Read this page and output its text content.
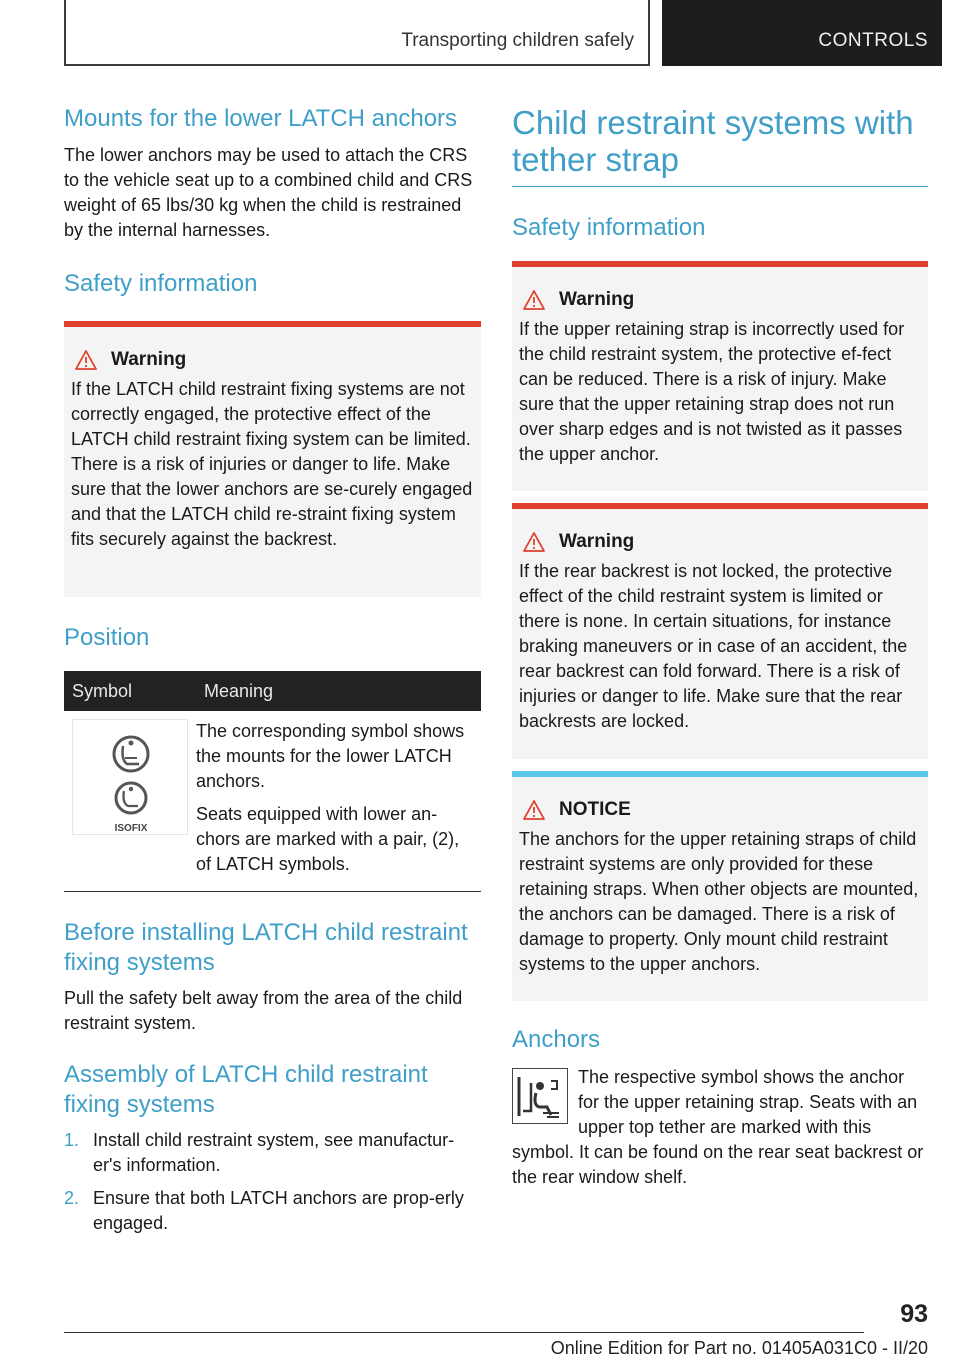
Transporting children safely	CONTROLS
Mounts for the lower LATCH anchors

The lower anchors may be used to attach the CRS to the vehicle seat up to a combined child and CRS weight of 65 lbs/30 kg when the child is restrained by the internal harnesses.

Safety information
Warning

If the LATCH child restraint fixing systems are not correctly engaged, the protective effect of the LATCH child restraint fixing system can be limited. There is a risk of injuries or danger to life. Make sure that the lower anchors are se‐curely engaged and that the LATCH child re‐straint fixing system fits securely against the backrest.

Position
Symbol	Meaning

ISOFIX	The corresponding symbol shows the mounts for the lower LATCH anchors.

Seats equipped with lower an‐chors are marked with a pair, (2), of LATCH symbols.

Before installing LATCH child restraint fixing systems

Pull the safety belt away from the area of the child restraint system.

Assembly of LATCH child restraint fixing systems
1. Install child restraint system, see manufactur‐er's information.
2. Ensure that both LATCH anchors are prop‐erly engaged.
Child restraint systems with tether strap
Safety information
Warning

If the upper retaining strap is incorrectly used for the child restraint system, the protective ef‐fect can be reduced. There is a risk of injury. Make sure that the upper retaining strap does not run over sharp edges and is not twisted as it passes the upper anchor.

Warning

If the rear backrest is not locked, the protective effect of the child restraint system is limited or there is none. In certain situations, for instance braking maneuvers or in case of an accident, the rear backrest can fold forward. There is a risk of injuries or danger to life. Make sure that the rear backrests are locked.

NOTICE

The anchors for the upper retaining straps of child restraint systems are only provided for these retaining straps. When other objects are mounted, the anchors can be damaged. There is a risk of damage to property. Only mount child restraint systems to the upper anchors.

Anchors

The respective symbol shows the anchor for the upper retaining strap. Seats with an upper top tether are marked with this symbol. It can be found on the rear seat backrest or the rear window shelf.

93
Online Edition for Part no. 01405A031C0 - II/20
